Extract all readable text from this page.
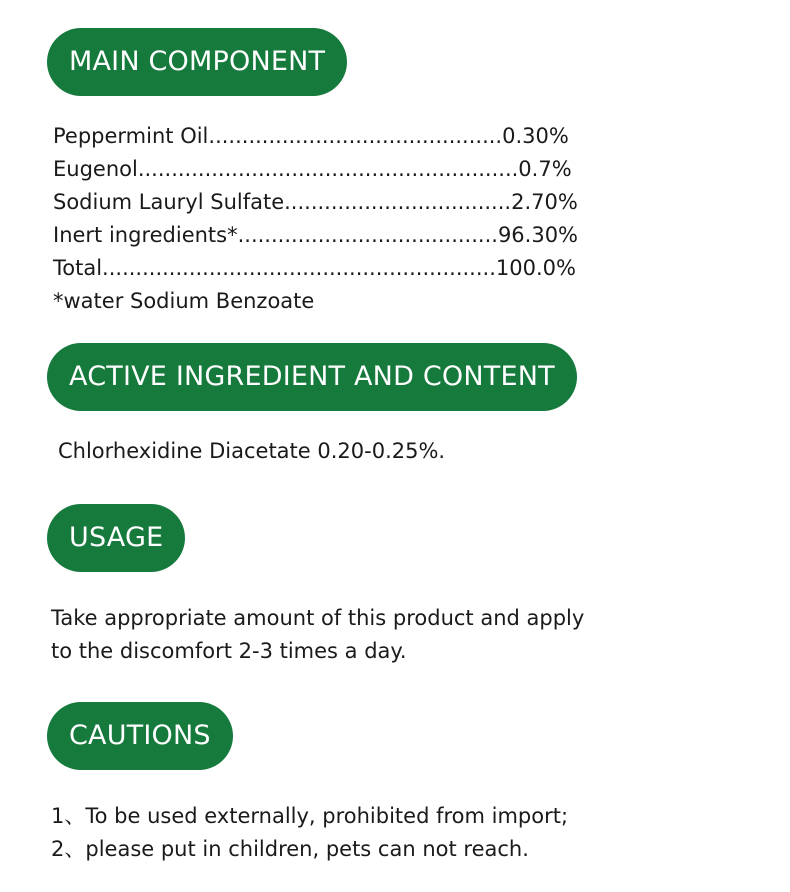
MAIN COMPONENT
Peppermint Oil............................................0.30%
Eugenol.........................................................0.7%
Sodium Lauryl Sulfate..................................2.70%
Inert ingredients*.......................................96.30%
Total...........................................................100.0%
*water Sodium Benzoate
ACTIVE INGREDIENT AND CONTENT
Chlorhexidine Diacetate 0.20-0.25%.
USAGE
Take appropriate amount of this product and apply
to the discomfort 2-3 times a day.
CAUTIONS
1、To be used externally, prohibited from import;
2、please put in children, pets can not reach.
